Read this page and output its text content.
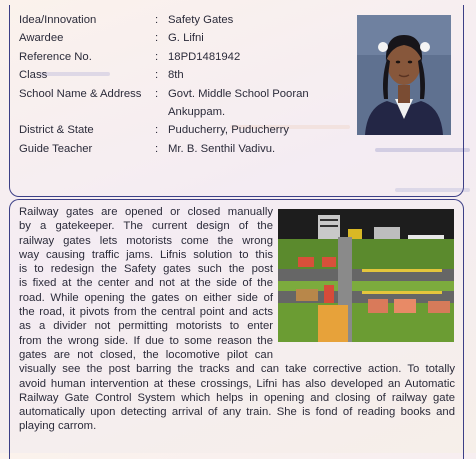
Idea/Innovation	: Safety Gates
Awardee	: G. Lifni
Reference No.	: 18PD1481942
Class	: 8th
School Name & Address	: Govt. Middle School Pooran
Ankuppam.
District & State	: Puducherry, Puducherry
Guide Teacher	: Mr. B. Senthil Vadivu.
Railway gates are opened or closed manually
by a gatekeeper. The current design of the
railway gates lets motorists come the wrong
way causing traffic jams. Lifnis solution to this
is to redesign the Safety gates such the post
is fixed at the center and not at the side of the
road. While opening the gates on either side of
the road, it pivots from the central point and acts
as a divider not permitting motorists to enter
from the wrong side. If due to some reason the
gates are not closed, the locomotive pilot can
visually see the post barring the tracks and can take corrective action. To totally
avoid human intervention at these crossings, Lifni has also developed an Automatic
Railway Gate Control System which helps in opening and closing of railway gate
automatically upon detecting arrival of any train. She is fond of reading books and
playing carrom.
